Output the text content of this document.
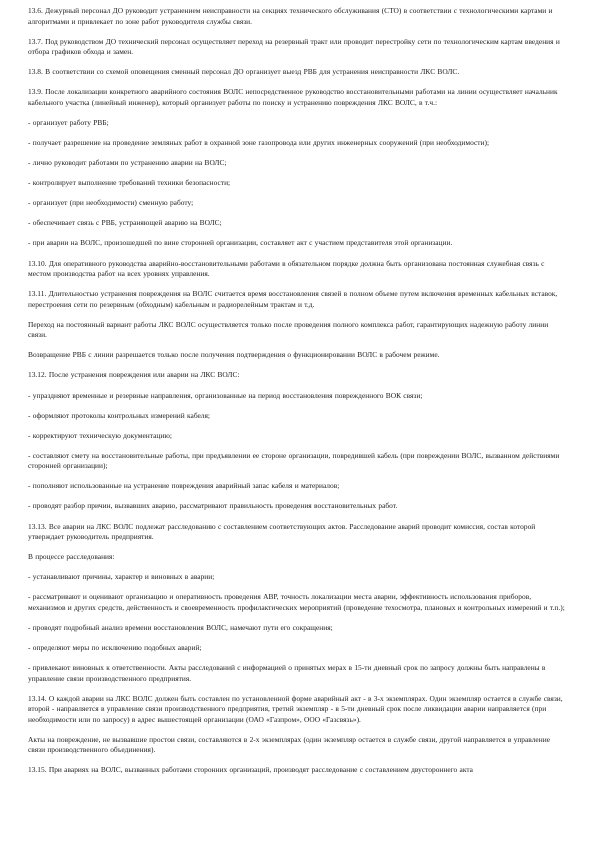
13.6. Дежурный персонал ДО руководит устранением неисправности на секциях технического обслуживания (СТО) в соответствии с технологическими картами и алгоритмами и привлекает по зоне работ руководителя службы связи.

13.7. Под руководством ДО технический персонал осуществляет переход на резервный тракт или проводит перестройку сети по технологическим картам введения и отбора графиков обхода и замен.

13.8. В соответствии со схемой оповещения сменный персонал ДО организует выезд РВБ для устранения неисправности ЛКС ВОЛС.

13.9. После локализации конкретного аварийного состояния ВОЛС непосредственное руководство восстановительными работами на линии осуществляет начальник кабельного участка (линейный инженер), который организует работы по поиску и устранению повреждения ЛКС ВОЛС, в т.ч.:

- организует работу РВБ;

- получает разрешение на проведение земляных работ в охранной зоне газопровода или других инженерных сооружений (при необходимости);

- лично руководит работами по устранению аварии на ВОЛС;

- контролирует выполнение требований техники безопасности;

- организует (при необходимости) сменную работу;

- обеспечивает связь с РВБ, устраняющей аварию на ВОЛС;

- при аварии на ВОЛС, произошедшей по вине сторонней организации, составляет акт с участием представителя этой организации.

13.10. Для оперативного руководства аварийно-восстановительными работами в обязательном порядке должна быть организована постоянная служебная связь с местом производства работ на всех уровнях управления.

13.11. Длительностью устранения повреждения на ВОЛС считается время восстановления связей в полном объеме путем включения временных кабельных вставок, перестроения сети по резервным (обходным) кабельным и радиорелейным трактам и т.д.

Переход на постоянный вариант работы ЛКС ВОЛС осуществляется только после проведения полного комплекса работ, гарантирующих надежную работу линии связи.

Возвращение РВБ с линии разрешается только после получения подтверждения о функционировании ВОЛС в рабочем режиме.

13.12. После устранения повреждения или аварии на ЛКС ВОЛС:

- упраздняют временные и резервные направления, организованные на период восстановления поврежденного ВОК связи;

- оформляют протоколы контрольных измерений кабеля;

- корректируют техническую документацию;

- составляют смету на восстановительные работы, при предъявлении ее стороне организации, повредившей кабель (при повреждении ВОЛС, вызванном действиями сторонней организации);

- пополняют использованные на устранение повреждения аварийный запас кабеля и материалов;

- проводят разбор причин, вызвавших аварию, рассматривают правильность проведения восстановительных работ.

13.13. Все аварии на ЛКС ВОЛС подлежат расследованию с составлением соответствующих актов. Расследование аварий проводит комиссия, состав которой утверждает руководитель предприятия.

В процессе расследования:

- устанавливают причины, характер и виновных в аварии;

- рассматривают и оценивают организацию и оперативность проведения АВР, точность локализации места аварии, эффективность использования приборов, механизмов и других средств, действенность и своевременность профилактических мероприятий (проведение техосмотра, плановых и контрольных измерений и т.п.);

- проводят подробный анализ времени восстановления ВОЛС, намечают пути его сокращения;

- определяют меры по исключению подобных аварий;

- привлекают виновных к ответственности. Акты расследований с информацией о принятых мерах в 15-ти дневный срок по запросу должны быть направлены в управление связи производственного предприятия.

13.14. О каждой аварии на ЛКС ВОЛС должен быть составлен по установленной форме аварийный акт - в 3-х экземплярах. Один экземпляр остается в службе связи, второй - направляется в управление связи производственного предприятия, третий экземпляр - в 5-ти дневный срок после ликвидации аварии направляется (при необходимости или по запросу) в адрес вышестоящей организации (ОАО «Газпром», ООО «Газсвязь»).

Акты на повреждение, не вызвавшие простои связи, составляются в 2-х экземплярах (один экземпляр остается в службе связи, другой направляется в управление связи производственного объединения).

13.15. При авариях на ВОЛС, вызванных работами сторонних организаций, производят расследование с составлением двустороннего акта
